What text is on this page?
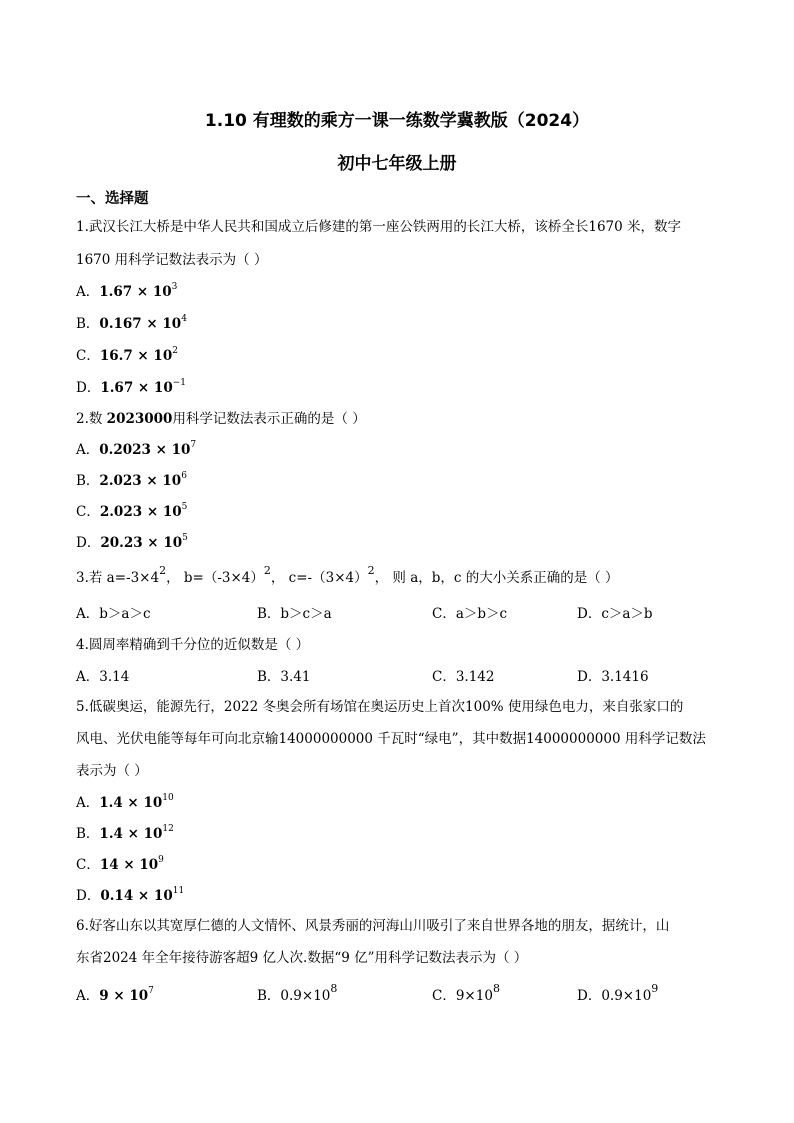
1.10 有理数的乘方一课一练数学冀教版（2024）
初中七年级上册
一、选择题
1.武汉长江大桥是中华人民共和国成立后修建的第一座公铁两用的长江大桥，该桥全长1670 米，数字
1670 用科学记数法表示为（ ）
A．$1.67 \times 10^3$
B．$0.167 \times 10^4$
C．$16.7 \times 10^2$
D．$1.67 \times 10^{-1}$
2.数 2023000用科学记数法表示正确的是（ ）
A．$0.2023 \times 10^7$
B．$2.023 \times 10^6$
C．$2.023 \times 10^5$
D．$20.23 \times 10^5$
3.若 $a=-3\times 4^2$， $b=(-3\times 4)^2$， $c=-(3\times 4)^2$， 则 a，b，c 的大小关系正确的是（ ）
A．b＞a＞c	B．b＞c＞a	C．a＞b＞c	D．c＞a＞b
4.圆周率精确到千分位的近似数是（ ）
A．3.14	B．3.41	C．3.142	D．3.1416
5.低碳奥运，能源先行，2022 冬奥会所有场馆在奥运历史上首次100% 使用绿色电力，来自张家口的
风电、光伏电能等每年可向北京输14000000000 千瓦时“绿电”，其中数据14000000000 用科学记数法
表示为（ ）
A．$1.4 \times 10^{10}$
B．$1.4 \times 10^{12}$
C．$14 \times 10^9$
D．$0.14 \times 10^{11}$
6.好客山东以其宽厚仁德的人文情怀、风景秀丽的河海山川吸引了来自世界各地的朋友，据统计，山
东省2024 年全年接待游客超9 亿人次.数据“9 亿”用科学记数法表示为（ ）
A．$9 \times 10^7$	B．$0.9\times 10^8$	C．$9\times 10^8$	D．$0.9\times 10^9$
